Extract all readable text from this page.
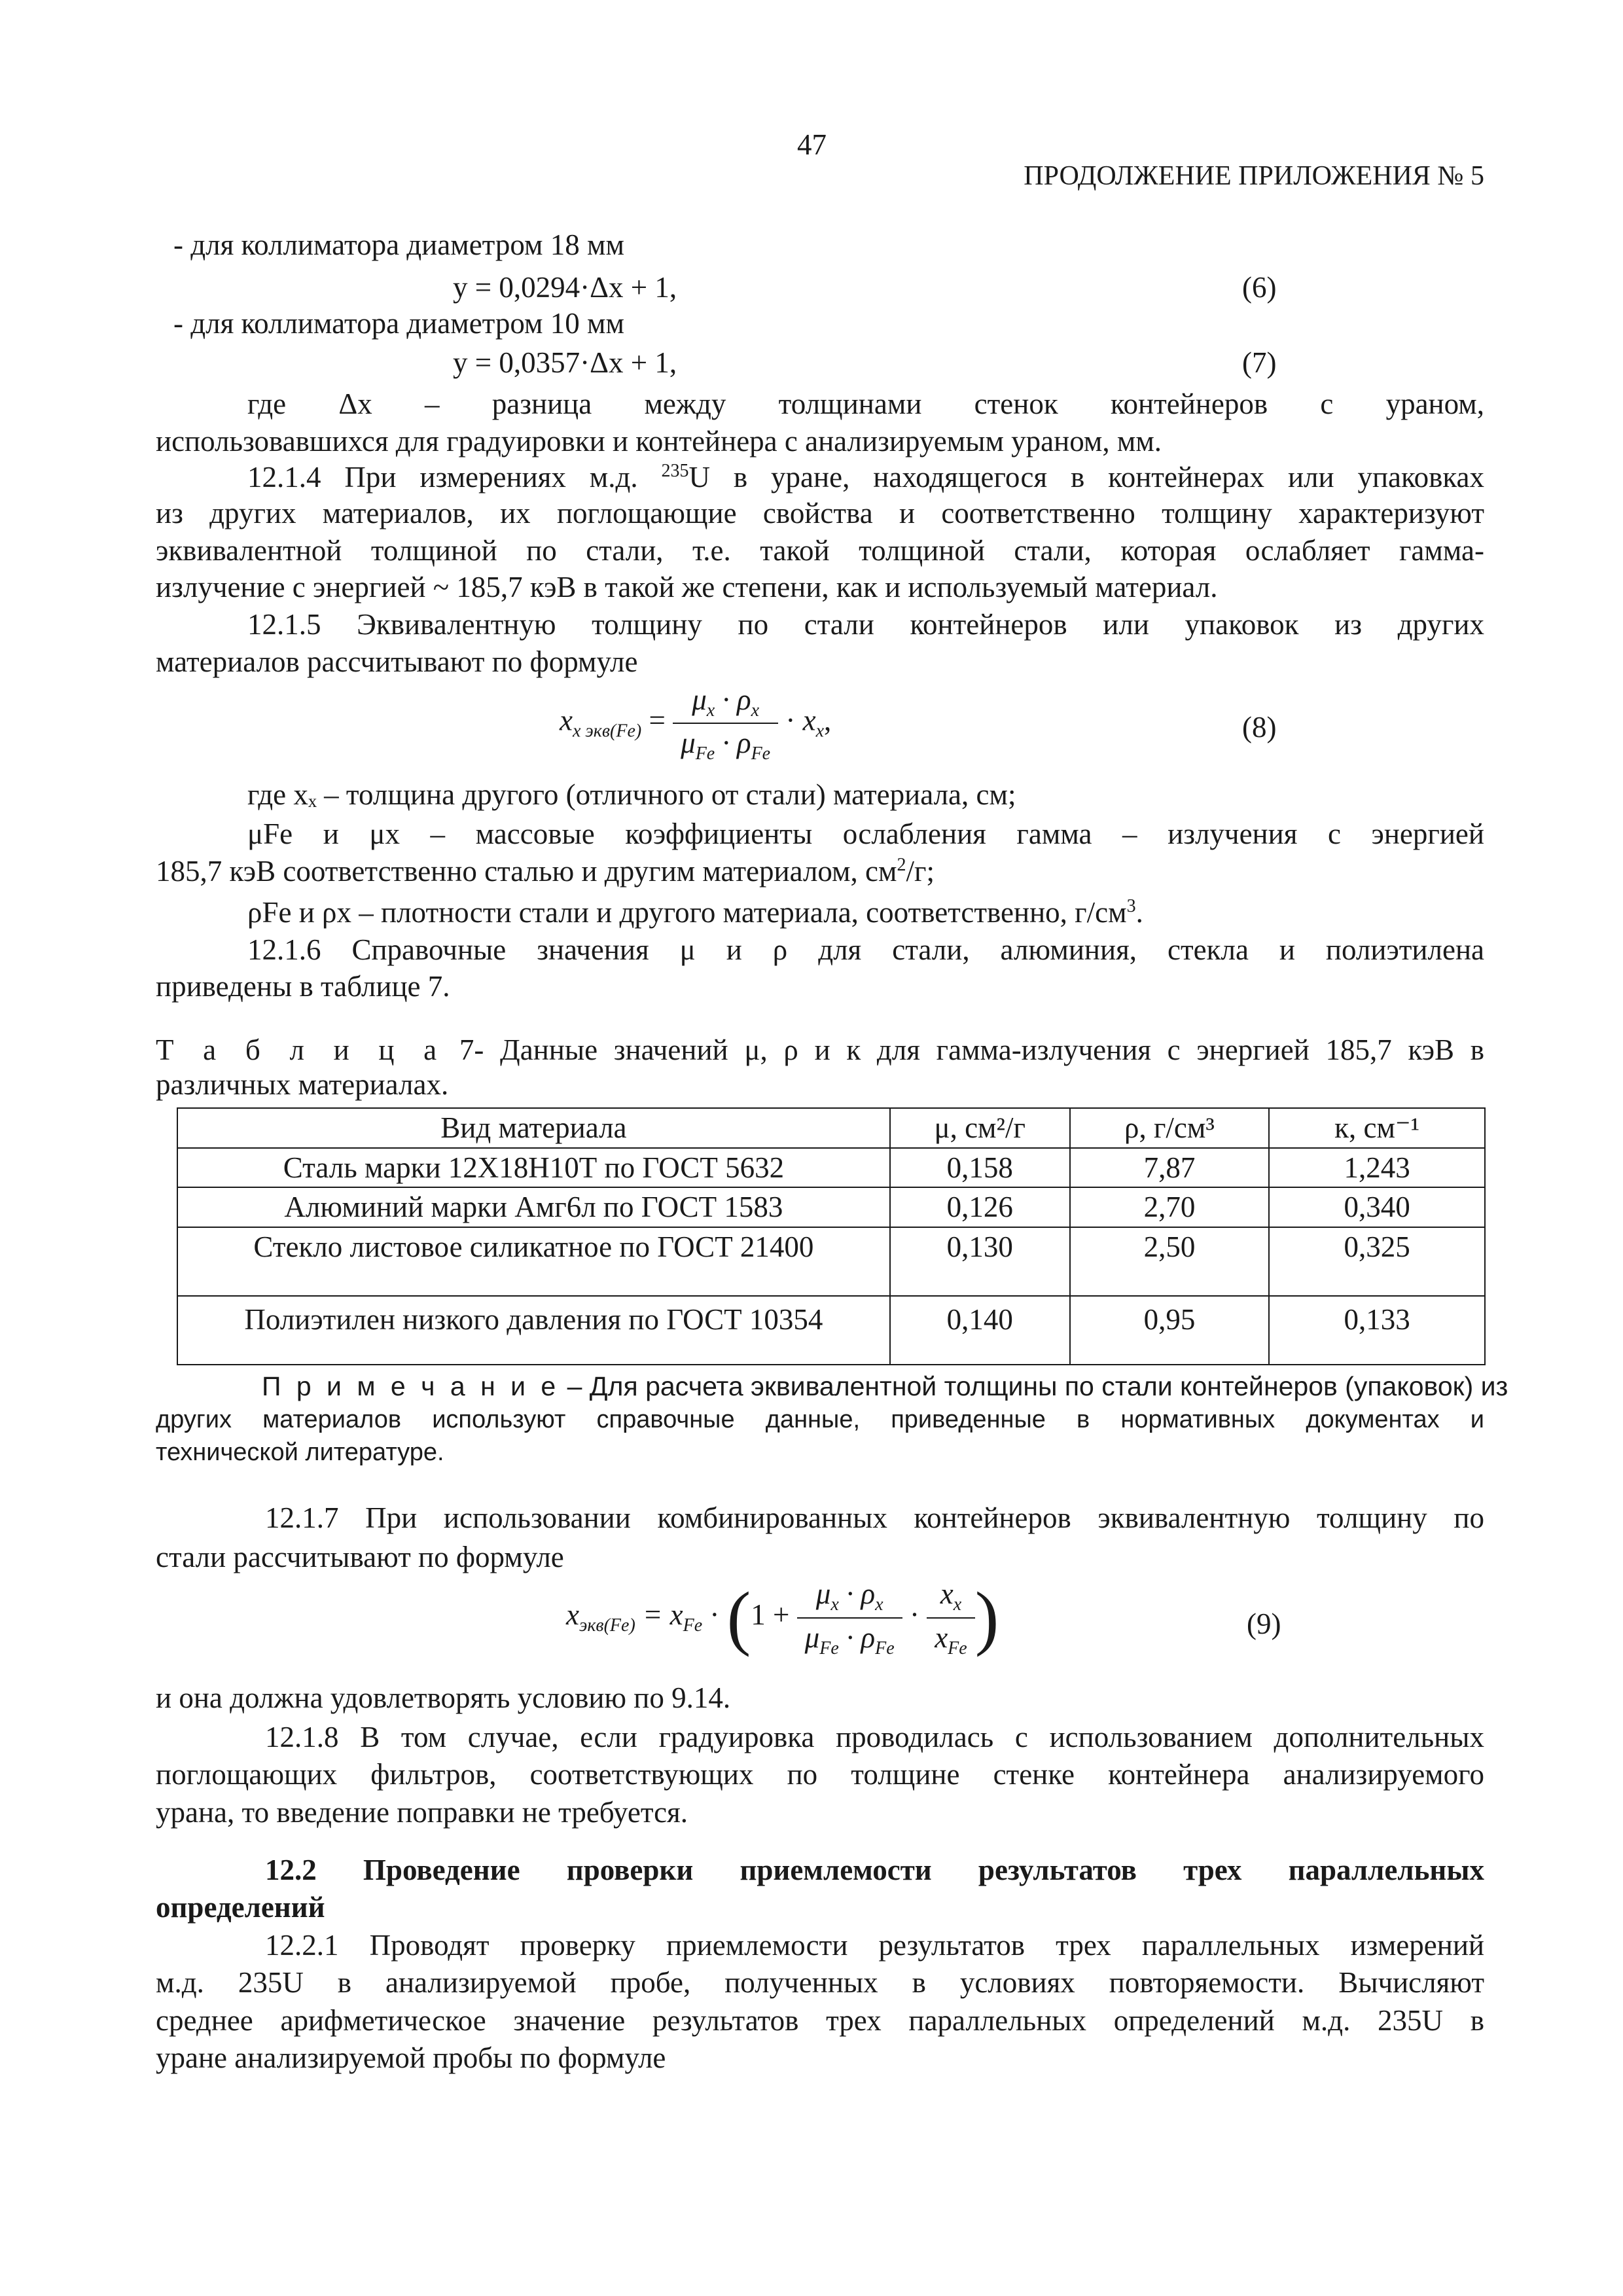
47
ПРОДОЛЖЕНИЕ ПРИЛОЖЕНИЯ № 5
- для коллиматора диаметром 18 мм
y = 0,0294·Δx + 1,	(6)
- для коллиматора диаметром 10 мм
y = 0,0357·Δx + 1,	(7)
где Δx – разница между толщинами стенок контейнеров с ураном,
использовавшихся для градуировки и контейнера с анализируемым ураном, мм.
12.1.4 При измерениях м.д. $^{235}$U в уране, находящегося в контейнерах или упаковках
из других материалов, их поглощающие свойства и соответственно толщину характеризуют
эквивалентной толщиной по стали, т.е. такой толщиной стали, которая ослабляет гамма-
излучение с энергией ~ 185,7 кэВ в такой же степени, как и используемый материал.
12.1.5 Эквивалентную толщину по стали контейнеров или упаковок из других
материалов рассчитывают по формуле
$x_{x экв(Fe)} = \frac{\mu_x \cdot \rho_x}{\mu_{Fe} \cdot \rho_{Fe}} \cdot x_x$,	(8)
где xₓ – толщина другого (отличного от стали) материала, см;
μFe и μx – массовые коэффициенты ослабления гамма – излучения с энергией
185,7 кэВ соответственно сталью и другим материалом, $см^2/г$;
ρFe и ρx – плотности стали и другого материала, соответственно, $г/см^3$.
12.1.6 Справочные значения μ и ρ для стали, алюминия, стекла и полиэтилена
приведены в таблице 7.
Т а б л и ц а 7- Данные значений μ, ρ и к для гамма-излучения с энергией 185,7 кэВ в
различных материалах.
Вид материала	μ, см²/г	ρ, г/см³	к, см⁻¹
Сталь марки 12Х18Н10Т по ГОСТ 5632	0,158	7,87	1,243
Алюминий марки Амг6л по ГОСТ 1583	0,126	2,70	0,340
Стекло листовое силикатное по ГОСТ 21400	0,130	2,50	0,325
Полиэтилен низкого давления по ГОСТ 10354	0,140	0,95	0,133
П р и м е ч а н и е – Для расчета эквивалентной толщины по стали контейнеров (упаковок) из
других материалов используют справочные данные, приведенные в нормативных документах и
технической литературе.
12.1.7 При использовании комбинированных контейнеров эквивалентную толщину по
стали рассчитывают по формуле
$x_{экв(Fe)} = x_{Fe} \cdot (1 + \frac{\mu_x \cdot \rho_x}{\mu_{Fe} \cdot \rho_{Fe}} \cdot \frac{x_x}{x_{Fe}}$ )	(9)
и она должна удовлетворять условию по 9.14.
12.1.8 В том случае, если градуировка проводилась с использованием дополнительных
поглощающих фильтров, соответствующих по толщине стенке контейнера анализируемого
урана, то введение поправки не требуется.
12.2 Проведение проверки приемлемости результатов трех параллельных
определений
12.2.1 Проводят проверку приемлемости результатов трех параллельных измерений
м.д. 235U в анализируемой пробе, полученных в условиях повторяемости. Вычисляют
среднее арифметическое значение результатов трех параллельных определений м.д. 235U в
уране анализируемой пробы по формуле
